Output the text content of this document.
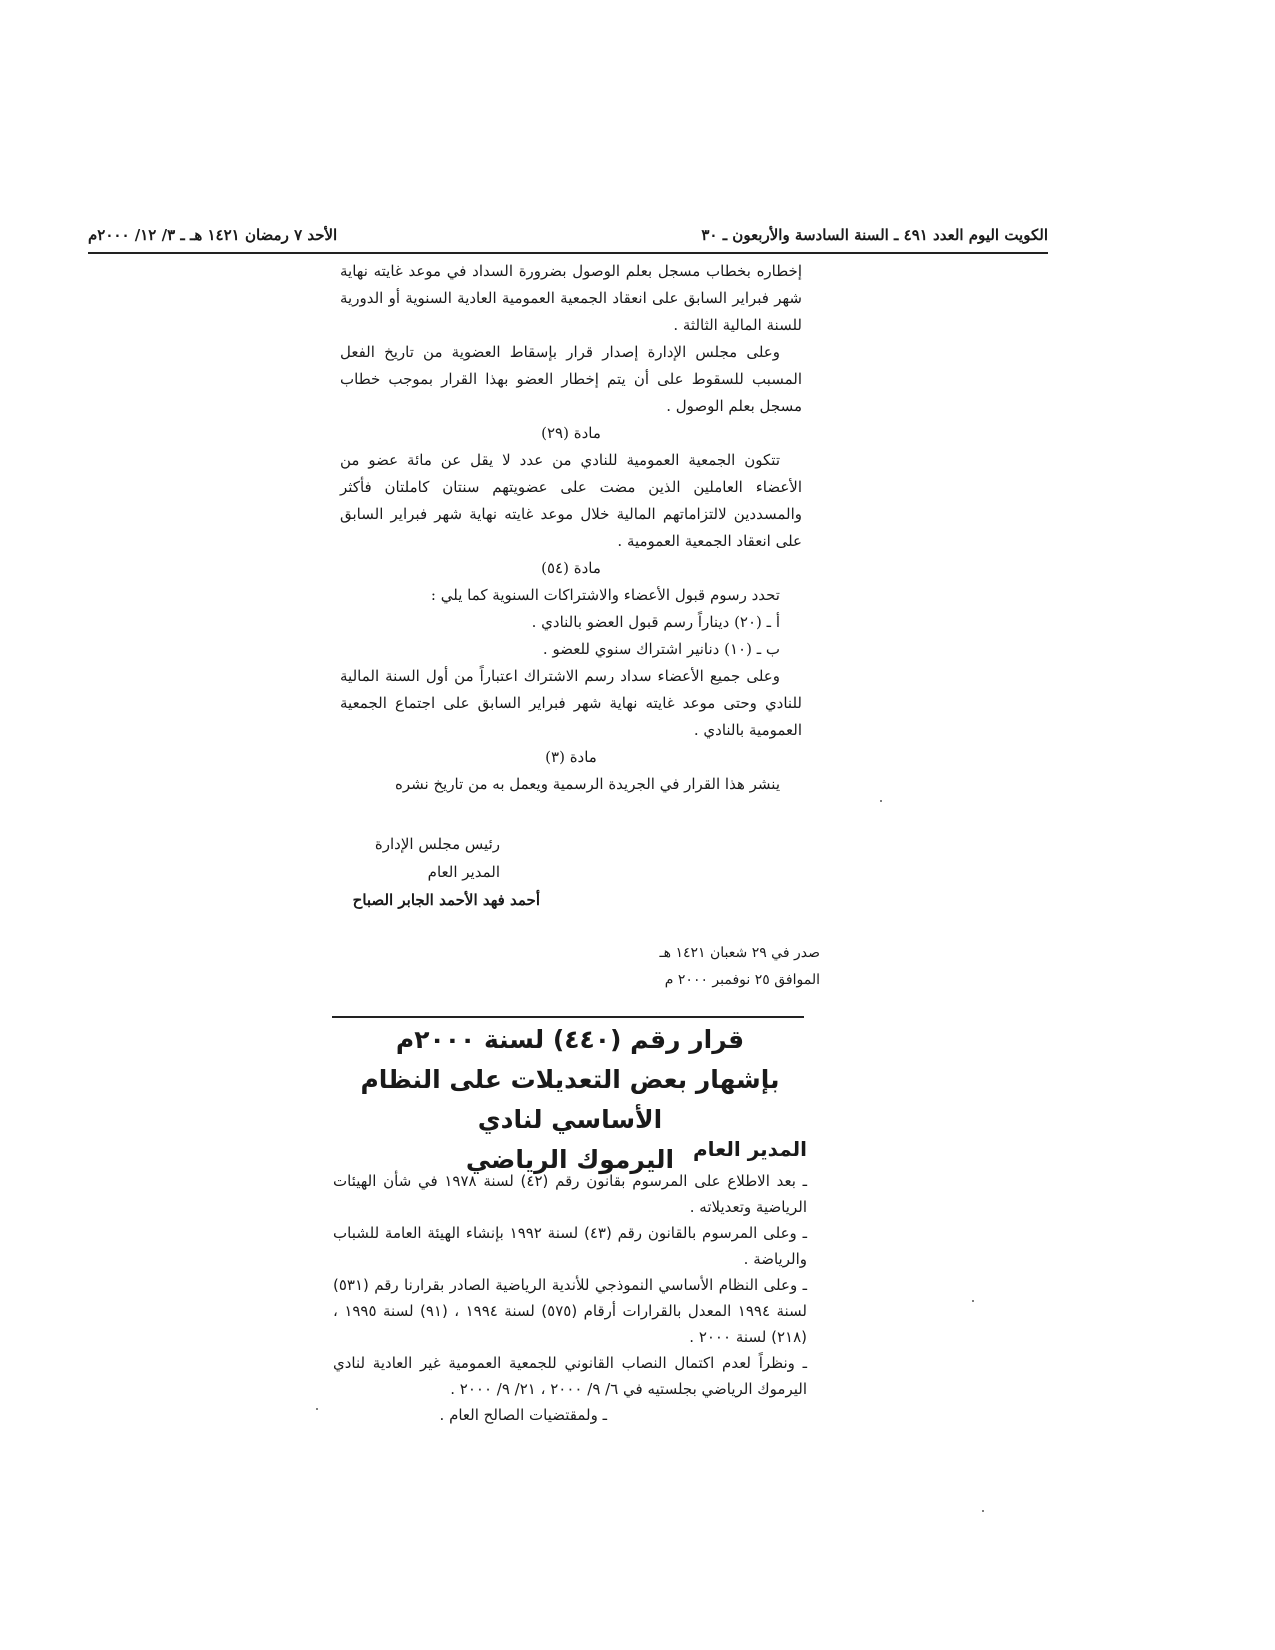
الكويت اليوم العدد ٤٩١ ـ السنة السادسة والأربعون ـ ٣٠
الأحد ٧ رمضان ١٤٢١ هـ ـ ٣/ ١٢/ ٢٠٠٠م

إخطاره بخطاب مسجل بعلم الوصول بضرورة السداد في موعد غايته نهاية شهر فبراير السابق على انعقاد الجمعية العمومية العادية السنوية أو الدورية للسنة المالية الثالثة .

وعلى مجلس الإدارة إصدار قرار بإسقاط العضوية من تاريخ الفعل المسبب للسقوط على أن يتم إخطار العضو بهذا القرار بموجب خطاب مسجل بعلم الوصول .

مادة (٢٩)

تتكون الجمعية العمومية للنادي من عدد لا يقل عن مائة عضو من الأعضاء العاملين الذين مضت على عضويتهم سنتان كاملتان فأكثر والمسددين لالتزاماتهم المالية خلال موعد غايته نهاية شهر فبراير السابق على انعقاد الجمعية العمومية .

مادة (٥٤)

تحدد رسوم قبول الأعضاء والاشتراكات السنوية كما يلي :

أ ـ (٢٠) ديناراً رسم قبول العضو بالنادي .

ب ـ (١٠) دنانير اشتراك سنوي للعضو .

وعلى جميع الأعضاء سداد رسم الاشتراك اعتباراً من أول السنة المالية للنادي وحتى موعد غايته نهاية شهر فبراير السابق على اجتماع الجمعية العمومية بالنادي .

مادة (٣)

ينشر هذا القرار في الجريدة الرسمية ويعمل به من تاريخ نشره

رئيس مجلس الإدارة
المدير العام
أحمد فهد الأحمد الجابر الصباح
صدر في ٢٩ شعبان ١٤٢١ هـ
الموافق ٢٥ نوفمبر ٢٠٠٠ م

قرار رقم (٤٤٠) لسنة ٢٠٠٠م

بإشهار بعض التعديلات على النظام الأساسي لنادي

اليرموك الرياضي المدير العام

ـ بعد الاطلاع على المرسوم بقانون رقم (٤٢) لسنة ١٩٧٨ في شأن الهيئات الرياضية وتعديلاته .

ـ وعلى المرسوم بالقانون رقم (٤٣) لسنة ١٩٩٢ بإنشاء الهيئة العامة للشباب والرياضة .

ـ وعلى النظام الأساسي النموذجي للأندية الرياضية الصادر بقرارنا رقم (٥٣١) لسنة ١٩٩٤ المعدل بالقرارات أرقام (٥٧٥) لسنة ١٩٩٤ ، (٩١) لسنة ١٩٩٥ ، (٢١٨) لسنة ٢٠٠٠ .

ـ ونظراً لعدم اكتمال النصاب القانوني للجمعية العمومية غير العادية لنادي اليرموك الرياضي بجلستيه في ٦/ ٩/ ٢٠٠٠ ، ٢١/ ٩/ ٢٠٠٠ .

ـ ولمقتضيات الصالح العام .
